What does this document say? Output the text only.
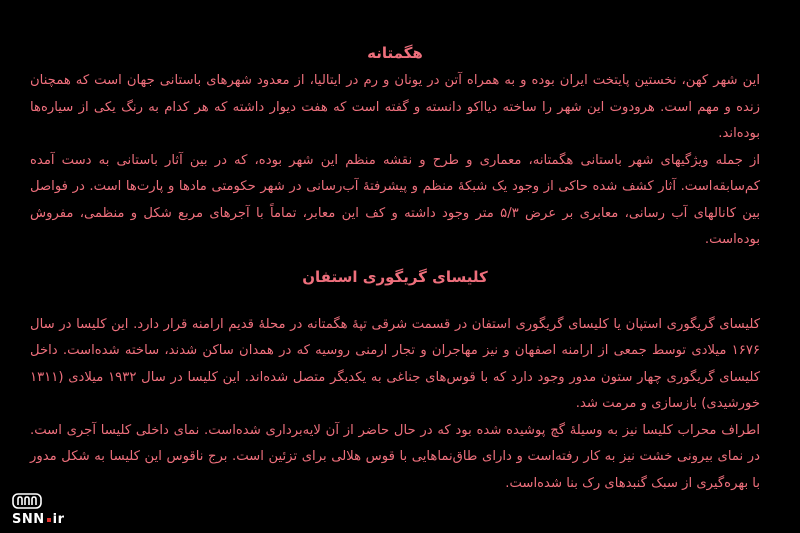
هگمتانه

این شهر کهن، نخستین پایتخت ایران بوده و به همراه آتن در یونان و رم در ایتالیا، از معدود شهرهای باستانی جهان است که همچنان زنده و مهم است. هرودوت این شهر را ساخته دیااکو دانسته و گفته است که هفت دیوار داشته که هر کدام به رنگ یکی از سیاره‌ها بوده‌اند.

از جمله ویژگیهای شهر باستانی هگمتانه، معماری و طرح و نقشه منظم این شهر بوده، که در بین آثار باستانی به دست آمده کم‌سابقه‌است. آثار کشف شده حاکی از وجود یک شبکهٔ منظم و پیشرفتهٔ آب‌رسانی در شهر حکومتی مادها و پارت‌ها است. در فواصل بین کانالهای آب رسانی، معابری بر عرض ۵/۳ متر وجود داشته و کف این معابر، تماماً با آجرهای مربع شکل و منظمی، مفروش بوده‌است.

کلیسای گریگوری استفان

کلیسای گریگوری استپان یا کلیسای گریگوری استفان در قسمت شرقی تپهٔ هگمتانه در محلهٔ قدیم ارامنه قرار دارد. این کلیسا در سال ۱۶۷۶ میلادی توسط جمعی از ارامنه اصفهان و نیز مهاجران و تجار ارمنی روسیه که در همدان ساکن شدند، ساخته شده‌است. داخل کلیسای گریگوری چهار ستون مدور وجود دارد که با قوس‌های جناغی به یکدیگر متصل شده‌اند. این کلیسا در سال ۱۹۳۲ میلادی (۱۳۱۱ خورشیدی) بازسازی و مرمت شد.

اطراف محراب کلیسا نیز به وسیلهٔ گچ پوشیده شده بود که در حال حاضر از آن لایه‌برداری شده‌است. نمای داخلی کلیسا آجری است. در نمای بیرونی خشت نیز به کار رفته‌است و دارای طاق‌نماهایی با قوس هلالی برای تزئین است. برج ناقوس این کلیسا به شکل مدور با بهره‌گیری از سبک گنبدهای رک بنا شده‌است.

SNN ir
